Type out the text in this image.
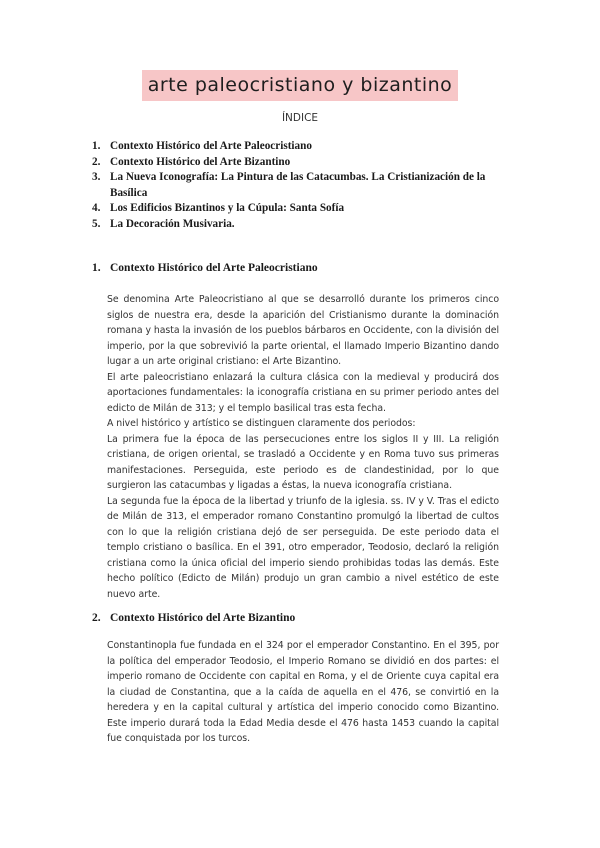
arte paleocristiano y bizantino
ÍNDICE
1. Contexto Histórico del Arte Paleocristiano
2. Contexto Histórico del Arte Bizantino
3. La Nueva Iconografía: La Pintura de las Catacumbas. La Cristianización de la Basílica
4. Los Edificios Bizantinos y la Cúpula: Santa Sofía
5. La Decoración Musivaria.
1. Contexto Histórico del Arte Paleocristiano

Se denomina Arte Paleocristiano al que se desarrolló durante los primeros cinco siglos de nuestra era, desde la aparición del Cristianismo durante la dominación romana y hasta la invasión de los pueblos bárbaros en Occidente, con la división del imperio, por la que sobrevivió la parte oriental, el llamado Imperio Bizantino dando lugar a un arte original cristiano: el Arte Bizantino.

El arte paleocristiano enlazará la cultura clásica con la medieval y producirá dos aportaciones fundamentales: la iconografía cristiana en su primer periodo antes del edicto de Milán de 313; y el templo basilical tras esta fecha.

A nivel histórico y artístico se distinguen claramente dos periodos:

La primera fue la época de las persecuciones entre los siglos II y III. La religión cristiana, de origen oriental, se trasladó a Occidente y en Roma tuvo sus primeras manifestaciones. Perseguida, este periodo es de clandestinidad, por lo que surgieron las catacumbas y ligadas a éstas, la nueva iconografía cristiana.

La segunda fue la época de la libertad y triunfo de la iglesia. ss. IV y V. Tras el edicto de Milán de 313, el emperador romano Constantino promulgó la libertad de cultos con lo que la religión cristiana dejó de ser perseguida. De este periodo data el templo cristiano o basílica. En el 391, otro emperador, Teodosio, declaró la religión cristiana como la única oficial del imperio siendo prohibidas todas las demás. Este hecho político (Edicto de Milán) produjo un gran cambio a nivel estético de este nuevo arte.

2. Contexto Histórico del Arte Bizantino

Constantinopla fue fundada en el 324 por el emperador Constantino. En el 395, por la política del emperador Teodosio, el Imperio Romano se dividió en dos partes: el imperio romano de Occidente con capital en Roma, y el de Oriente cuya capital era la ciudad de Constantina, que a la caída de aquella en el 476, se convirtió en la heredera y en la capital cultural y artística del imperio conocido como Bizantino. Este imperio durará toda la Edad Media desde el 476 hasta 1453 cuando la capital fue conquistada por los turcos.
